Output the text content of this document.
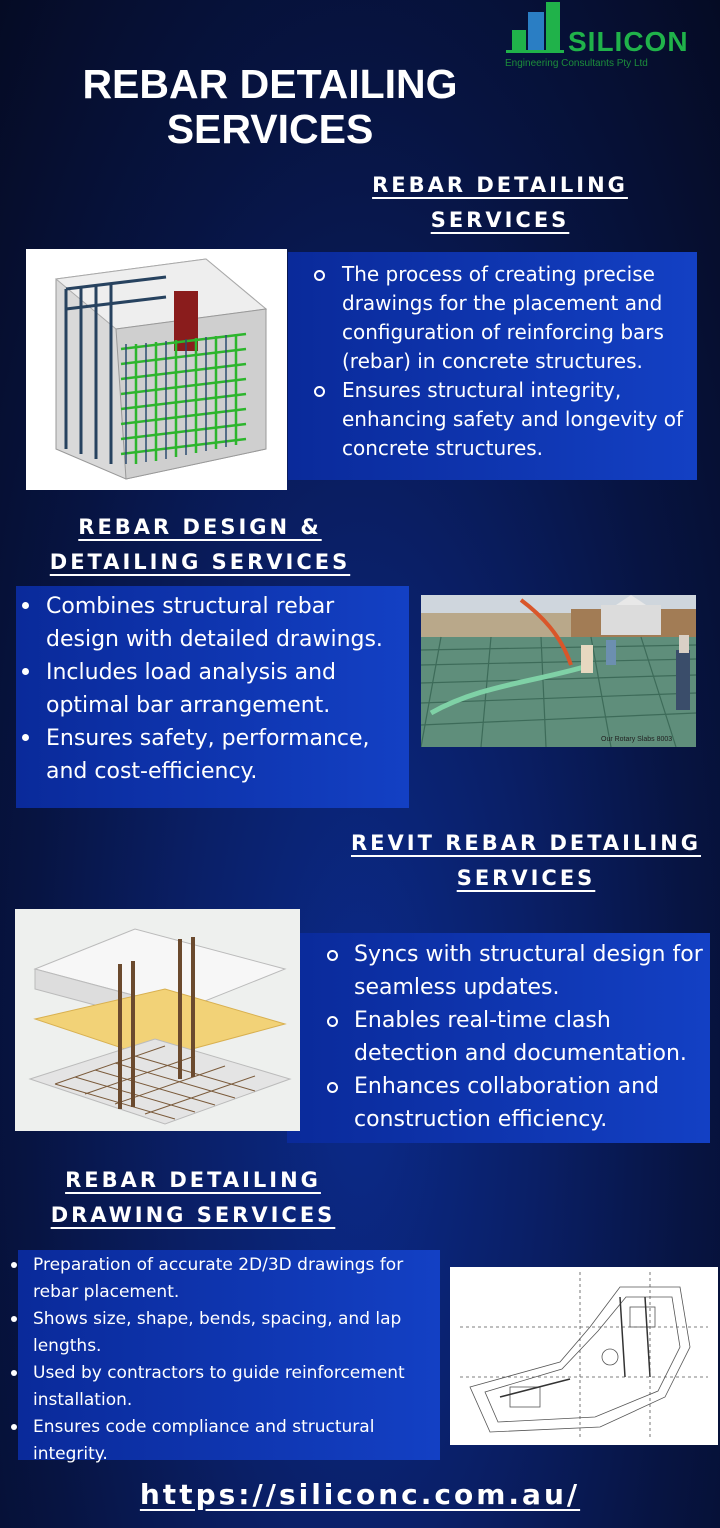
SILICON
Engineering Consultants Pty Ltd
REBAR DETAILING
SERVICES
REBAR DETAILING
SERVICES
The process of creating precise drawings for the placement and configuration of reinforcing bars (rebar) in concrete structures.
Ensures structural integrity, enhancing safety and longevity of concrete structures.
REBAR DESIGN &
DETAILING SERVICES
Combines structural rebar design with detailed drawings.
Includes load analysis and optimal bar arrangement.
Ensures safety, performance, and cost-efficiency.
Our Rotary Slabs 8003
REVIT REBAR DETAILING
SERVICES
Syncs with structural design for seamless updates.
Enables real-time clash detection and documentation.
Enhances collaboration and construction efficiency.
REBAR DETAILING
DRAWING SERVICES
Preparation of accurate 2D/3D drawings for rebar placement.
Shows size, shape, bends, spacing, and lap lengths.
Used by contractors to guide reinforcement installation.
Ensures code compliance and structural integrity.
https://siliconc.com.au/
